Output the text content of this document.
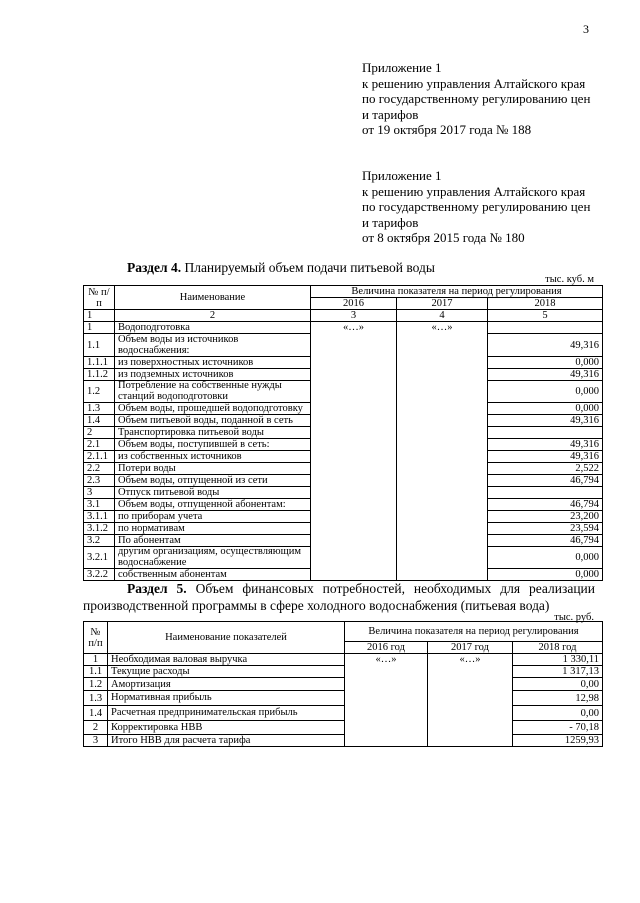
3
Приложение 1
к решению управления Алтайского края
по государственному регулированию цен
и тарифов
от 19 октября 2017 года № 188
Приложение 1
к решению управления Алтайского края
по государственному регулированию цен
и тарифов
от 8 октября 2015 года № 180
Раздел 4. Планируемый объем подачи питьевой воды
тыс. куб. м
№ п/п	Наименование	Величина показателя на период регулирования		
		2016	2017	2018
1	2	3	4	5
1	Водоподготовка	«…»	«…»	
1.1	Объем воды из источников водоснабжения:			49,316
1.1.1	из поверхностных источников			0,000
1.1.2	из подземных источников			49,316
1.2	Потребление на собственные нужды станций водоподготовки			0,000
1.3	Объем воды, прошедшей водоподготовку			0,000
1.4	Объем питьевой воды, поданной в сеть			49,316
2	Транспортировка питьевой воды			
2.1	Объем воды, поступившей в сеть:			49,316
2.1.1	из собственных источников			49,316
2.2	Потери воды			2,522
2.3	Объем воды, отпущенной из сети			46,794
3	Отпуск питьевой воды			
3.1	Объем воды, отпущенной абонентам:			46,794
3.1.1	по приборам учета			23,200
3.1.2	по нормативам			23,594
3.2	По абонентам			46,794
3.2.1	другим организациям, осуществляющим водоснабжение			0,000
3.2.2	собственным абонентам			0,000
Раздел 5. Объем финансовых потребностей, необходимых для реализации производственной программы в сфере холодного водоснабжения (питьевая вода)
тыс. руб.
№ п/п	Наименование показателей	Величина показателя на период регулирования		
		2016 год	2017 год	2018 год
1	Необходимая валовая выручка	«…»	«…»	1 330,11
1.1	Текущие расходы			1 317,13
1.2	Амортизация			0,00
1.3	Нормативная прибыль			12,98
1.4	Расчетная предпринимательская прибыль			0,00
2	Корректировка НВВ			- 70,18
3	Итого НВВ для расчета тарифа			1259,93
